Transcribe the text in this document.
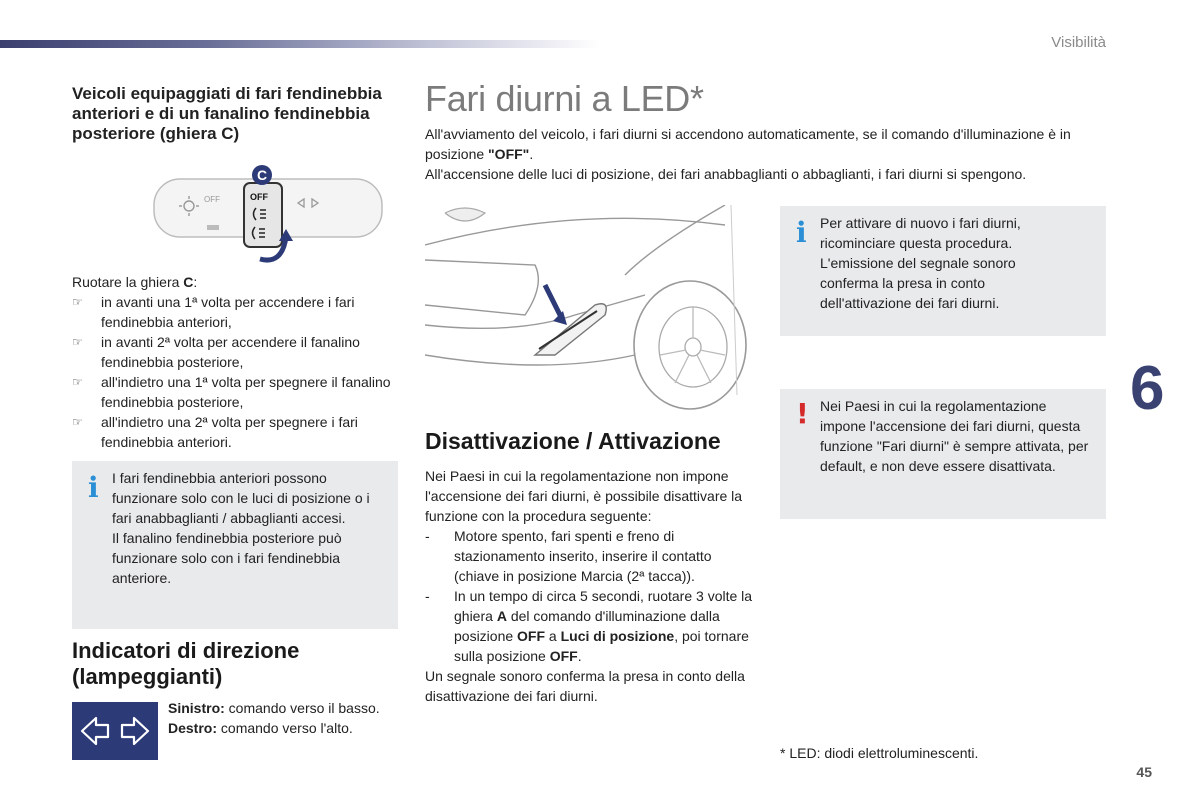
Visibilità
6
45
Veicoli equipaggiati di fari fendinebbia anteriori e di un fanalino fendinebbia posteriore (ghiera C)
OFF	OFF
C

Ruotare la ghiera C:

☞ in avanti una 1ª volta per accendere i fari fendinebbia anteriori,
☞ in avanti 2ª volta per accendere il fanalino fendinebbia posteriore,
☞ all'indietro una 1ª volta per spegnere il fanalino fendinebbia posteriore,
☞ all'indietro una 2ª volta per spegnere i fari fendinebbia anteriori.
i I fari fendinebbia anteriori possono funzionare solo con le luci di posizione o i fari anabbaglianti / abbaglianti accesi.

Il fanalino fendinebbia posteriore può funzionare solo con i fari fendinebbia anteriore.

Indicatori di direzione (lampeggianti)

Sinistro: comando verso il basso.

Destro: comando verso l'alto.

Fari diurni a LED*

All'avviamento del veicolo, i fari diurni si accendono automaticamente, se il comando d'illuminazione è in posizione "OFF".

All'accensione delle luci di posizione, dei fari anabbaglianti o abbaglianti, i fari diurni si spengono.

i Per attivare di nuovo i fari diurni, ricominciare questa procedura. L'emissione del segnale sonoro conferma la presa in conto dell'attivazione dei fari diurni.
! Nei Paesi in cui la regolamentazione impone l'accensione dei fari diurni, questa funzione "Fari diurni" è sempre attivata, per default, e non deve essere disattivata.
Disattivazione / Attivazione

Nei Paesi in cui la regolamentazione non impone l'accensione dei fari diurni, è possibile disattivare la funzione con la procedura seguente:

- Motore spento, fari spenti e freno di stazionamento inserito, inserire il contatto (chiave in posizione Marcia (2ª tacca)).
- In un tempo di circa 5 secondi, ruotare 3 volte la ghiera A del comando d'illuminazione dalla posizione OFF a Luci di posizione, poi tornare sulla posizione OFF.

Un segnale sonoro conferma la presa in conto della disattivazione dei fari diurni.

* LED: diodi elettroluminescenti.
